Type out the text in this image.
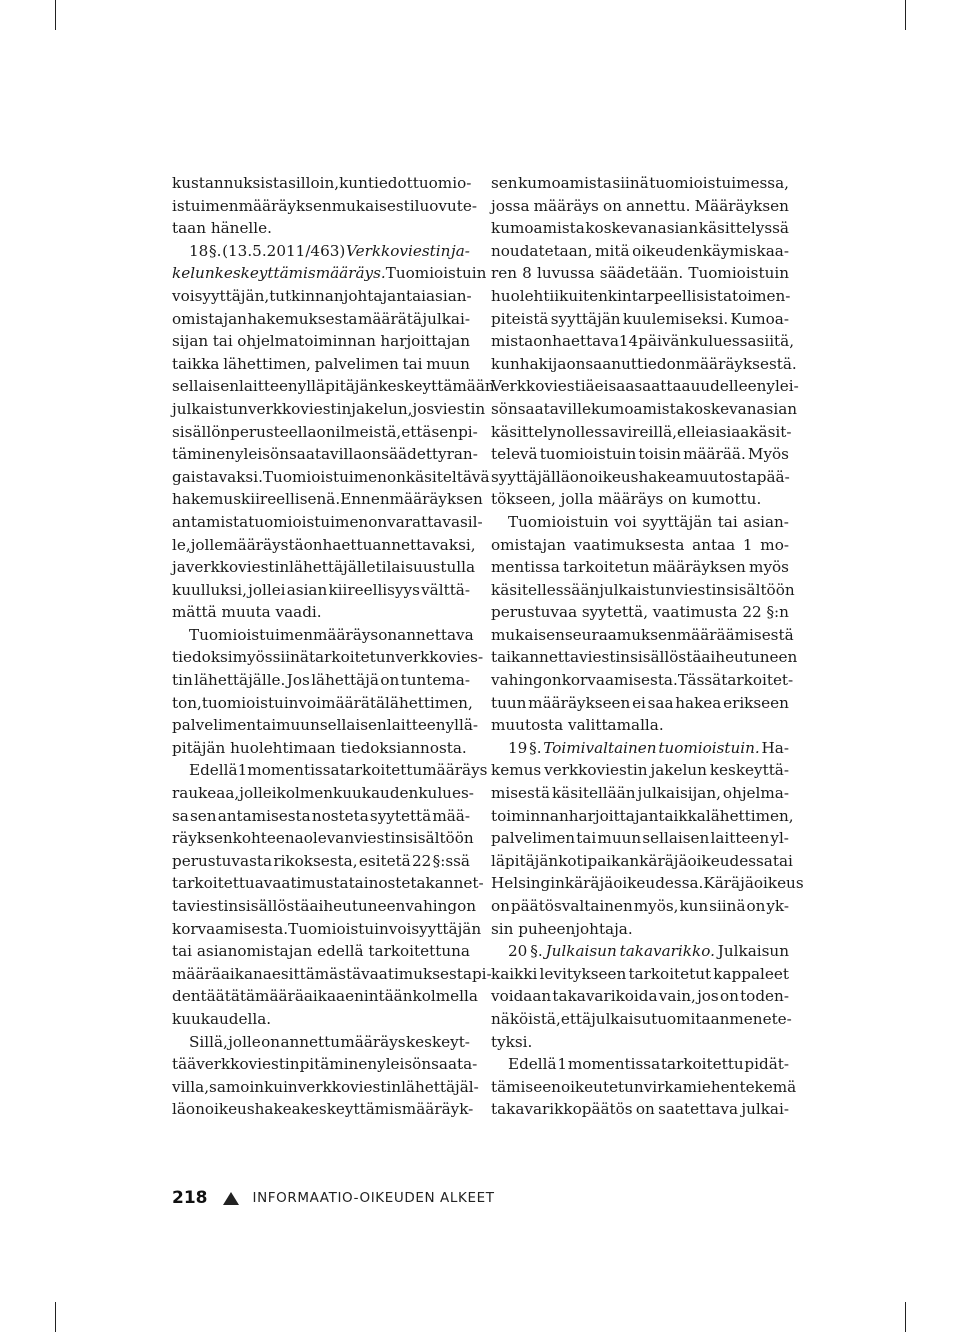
kustannuksista silloin, kun tiedot tuomio-
istuimen määräyksen mukaisesti luovute-
taan
hänelle.

18 §. (13.5.2011/463) Verkkoviestin ja-
kelun keskeyttämismääräys. Tuomioistuin
voi syyttäjän, tutkinnanjohtajan tai asian-
omistajan hakemuksesta määrätä julkai-
sijan tai ohjelmatoiminnan harjoittajan
taikka lähettimen, palvelimen tai muun
sellaisen laitteen ylläpitäjän keskeyttämään
julkaistun verkkoviestin jakelun, jos viestin
sisällön perusteella on ilmeistä, että sen pi-
täminen yleisön saatavilla on säädetty ran-
gaistavaksi. Tuomioistuimen on käsiteltävä
hakemus kiireellisenä. Ennen määräyksen
antamista tuomioistuimen on varattava sil-
le, jolle määräystä on haettu annettavaksi,
ja verkkoviestin lähettäjälle tilaisuus tulla
kuulluksi, jollei asian kiireellisyys välttä-
mättä
muuta
vaadi.

Tuomioistuimen määräys on annettava
tiedoksi myös siinä tarkoitetun verkkovies-
tin lähettäjälle. Jos lähettäjä on tuntema-
ton, tuomioistuin voi määrätä lähettimen,
palvelimen tai muun sellaisen laitteen yllä-
pitäjän
huolehtimaan
tiedoksiannosta.

Edellä 1 momentissa tarkoitettu määräys
raukeaa, jollei kolmen kuukauden kulues-
sa sen antamisesta nosteta syytettä mää-
räyksen kohteena olevan viestin sisältöön
perustuvasta rikoksesta, esitetä 22 §:ssä
tarkoitettua vaatimusta tai nosteta kannet-
ta viestin sisällöstä aiheutuneen vahingon
korvaamisesta. Tuomioistuin voi syyttäjän
tai asianomistajan edellä tarkoitettuna
määräaikana esittämästä vaatimuksesta pi-
dentää tätä määräaikaa enintään kolmella
kuukaudella.

Sillä, jolle on annettu määräys keskeyt-
tää verkkoviestin pitäminen yleisön saata-
villa, samoin kuin verkkoviestin lähettäjäl-
lä on oikeus hakea keskeyttämismääräyk-
sen kumoamista siinä tuomioistuimessa,
jossa määräys on annettu. Määräyksen
kumoamista koskevan asian käsittelyssä
noudatetaan, mitä oikeudenkäymiskaa-
ren 8 luvussa säädetään. Tuomioistuin
huolehtii kuitenkin tarpeellisista toimen-
piteistä syyttäjän kuulemiseksi. Kumoa-
mista on haettava 14 päivän kuluessa siitä,
kun hakija on saanut tiedon määräyksestä.
Verkkoviestiä ei saa saattaa uudelleen ylei-
sön saataville kumoamista koskevan asian
käsittelyn ollessa vireillä, ellei asiaa käsit-
televä tuomioistuin toisin määrää. Myös
syyttäjällä on oikeus hakea muutosta pää-
tökseen,
jolla
määräys
on
kumottu.

Tuomioistuin voi syyttäjän tai asian-
omistajan vaatimuksesta antaa 1 mo-
mentissa tarkoitetun määräyksen myös
käsitellessään julkaistun viestin sisältöön
perustuvaa syytettä, vaatimusta 22 §:n
mukaisen seuraamuksen määräämisestä
tai kannetta viestin sisällöstä aiheutuneen
vahingon korvaamisesta. Tässä tarkoitet-
tuun määräykseen ei saa hakea erikseen
muutosta
valittamalla.

19 §. Toimivaltainen tuomioistuin. Ha-
kemus verkkoviestin jakelun keskeyttä-
misestä käsitellään julkaisijan, ohjelma-
toiminnan harjoittajan taikka lähettimen,
palvelimen tai muun sellaisen laitteen yl-
läpitäjän kotipaikan käräjäoikeudessa tai
Helsingin käräjäoikeudessa. Käräjäoikeus
on päätösvaltainen myös, kun siinä on yk-
sin
puheenjohtaja.

20 §. Julkaisun takavarikko. Julkaisun
kaikki levitykseen tarkoitetut kappaleet
voidaan takavarikoida vain, jos on toden-
näköistä, että julkaisu tuomitaan menete-
tyksi.

Edellä 1 momentissa tarkoitettu pidät-
tämiseen oikeutetun virkamiehen tekemä
takavarikkopäätös on saatettava julkai-
218	INFORMAATIO-OIKEUDEN ALKEET
